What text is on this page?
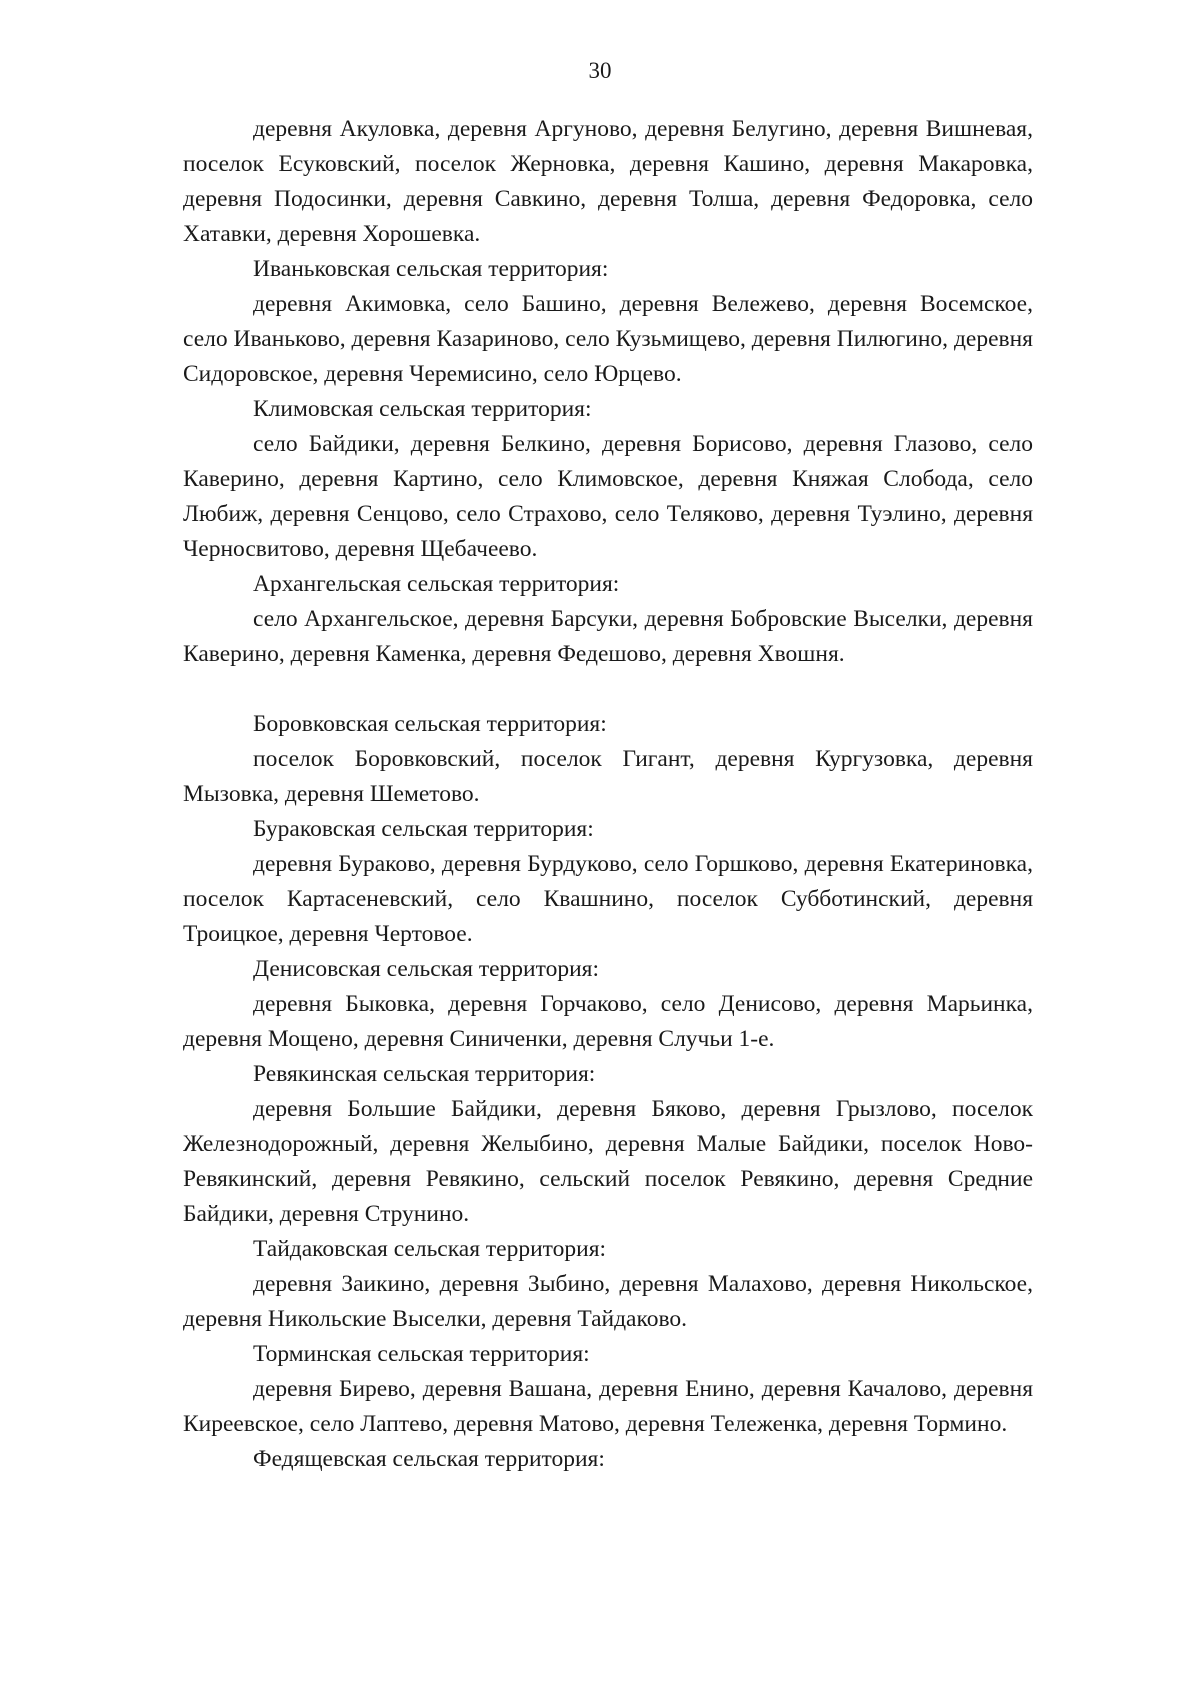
30

деревня Акуловка, деревня Аргуново, деревня Белугино, деревня Вишневая, поселок Есуковский, поселок Жерновка, деревня Кашино, деревня Макаровка, деревня Подосинки, деревня Савкино, деревня Толша, деревня Федоровка, село Хатавки, деревня Хорошевка.

Иваньковская сельская территория:

деревня Акимовка, село Башино, деревня Вележево, деревня Восемское, село Иваньково, деревня Казариново, село Кузьмищево, деревня Пилюгино, деревня Сидоровское, деревня Черемисино, село Юрцево.

Климовская сельская территория:

село Байдики, деревня Белкино, деревня Борисово, деревня Глазово, село Каверино, деревня Картино, село Климовское, деревня Княжая Слобода, село Любиж, деревня Сенцово, село Страхово, село Теляково, деревня Туэлино, деревня Черносвитово, деревня Щебачеево.

Архангельская сельская территория:

село Архангельское, деревня Барсуки, деревня Бобровские Выселки, деревня Каверино, деревня Каменка, деревня Федешово, деревня Хвошня.

Боровковская сельская территория:

поселок Боровковский, поселок Гигант, деревня Кургузовка, деревня Мызовка, деревня Шеметово.

Бураковская сельская территория:

деревня Бураково, деревня Бурдуково, село Горшково, деревня Екатериновка, поселок Картасеневский, село Квашнино, поселок Субботинский, деревня Троицкое, деревня Чертовое.

Денисовская сельская территория:

деревня Быковка, деревня Горчаково, село Денисово, деревня Марьинка, деревня Мощено, деревня Синиченки, деревня Случьи 1-е.

Ревякинская сельская территория:

деревня Большие Байдики, деревня Бяково, деревня Грызлово, поселок Железнодорожный, деревня Желыбино, деревня Малые Байдики, поселок Ново-Ревякинский, деревня Ревякино, сельский поселок Ревякино, деревня Средние Байдики, деревня Струнино.

Тайдаковская сельская территория:

деревня Заикино, деревня Зыбино, деревня Малахово, деревня Никольское, деревня Никольские Выселки, деревня Тайдаково.

Торминская сельская территория:

деревня Бирево, деревня Вашана, деревня Енино, деревня Качалово, деревня Киреевское, село Лаптево, деревня Матово, деревня Тележенка, деревня Тормино.

Федящевская сельская территория:
